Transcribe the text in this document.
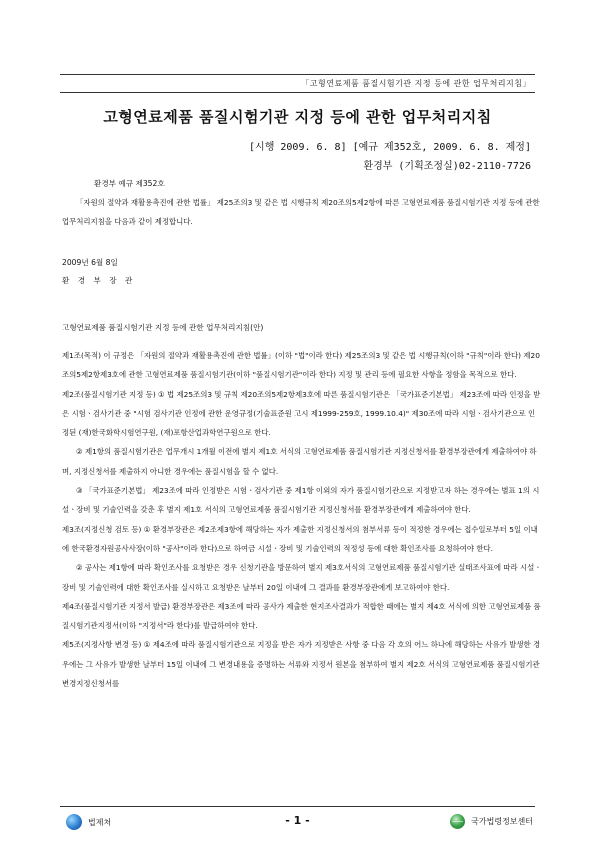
「고형연료제품 품질시험기관 지정 등에 관한 업무처리지침」
고형연료제품 품질시험기관 지정 등에 관한 업무처리지침
[시행 2009. 6. 8] [예규 제352호, 2009. 6. 8. 제정]
환경부 (기획조정실)02-2110-7726
환경부 예규 제352호
「자원의 절약과 재활용촉진에 관한 법률」 제25조의3 및 같은 법 시행규칙 제20조의5제2항에 따른 고형연료제품 품질시험기관 지정 등에 관한 업무처리지침을 다음과 같이 제정합니다.
2009년 6월 8일
환 경 부 장 관
고형연료제품 품질시험기관 지정 등에 관한 업무처리지침(안)

제1조(목적) 이 규정은 「자원의 절약과 재활용촉진에 관한 법률」(이하 "법"이라 한다) 제25조의3 및 같은 법 시행규칙(이하 "규칙"이라 한다) 제20조의5제2항제3호에 관한 고형연료제품 품질시험기관(이하 "품질시험기관"이라 한다) 지정 및 관리 등에 필요한 사항을 정함을 목적으로 한다.

제2조(품질시험기관 지정 등) ① 법 제25조의3 및 규칙 제20조의5제2항제3호에 따른 품질시험기관은 「국가표준기본법」 제23조에 따라 인정을 받은 시험ㆍ검사기관 중 "시험 검사기관 인정에 관한 운영규정(기술표준원 고시 제1999-259호, 1999.10.4)" 제30조에 따라 시험ㆍ검사기관으로 인정된 (재)한국화학시험연구원, (재)포항산업과학연구원으로 한다.

② 제1항의 품질시험기관은 업무개시 1개월 이전에 별지 제1호 서식의 고형연료제품 품질시험기관 지정신청서를 환경부장관에게 제출하여야 하며, 지정신청서를 제출하지 아니한 경우에는 품질시험을 할 수 없다.

③ 「국가표준기본법」 제23조에 따라 인정받은 시험ㆍ검사기관 중 제1항 이외의 자가 품질시험기관으로 지정받고자 하는 경우에는 별표 1의 시설ㆍ장비 및 기술인력을 갖춘 후 별지 제1호 서식의 고형연료제품 품질시험기관 지정신청서를 환경부장관에게 제출하여야 한다.

제3조(지정신청 검토 등) ① 환경부장관은 제2조제3항에 해당하는 자가 제출한 지정신청서의 첨부서류 등이 적정한 경우에는 접수일로부터 5일 이내에 한국환경자원공사사장(이하 "공사"이라 한다)으로 하여금 시설ㆍ장비 및 기술인력의 적정성 등에 대한 확인조사를 요청하여야 한다.

② 공사는 제1항에 따라 확인조사를 요청받은 경우 신청기관을 방문하여 별지 제3호서식의 고형연료제품 품질시험기관 실태조사표에 따라 시설ㆍ장비 및 기술인력에 대한 확인조사를 실시하고 요청받은 날부터 20일 이내에 그 결과를 환경부장관에게 보고하여야 한다.

제4조(품질시험기관 지정서 발급) 환경부장관은 제3조에 따라 공사가 제출한 현지조사결과가 적합한 때에는 별지 제4호 서식에 의한 고형연료제품 품질시험기관지정서(이하 "지정서"라 한다)를 발급하여야 한다.

제5조(지정사항 변경 등) ① 제4조에 따라 품질시험기관으로 지정을 받은 자가 지정받은 사항 중 다음 각 호의 어느 하나에 해당하는 사유가 발생한 경우에는 그 사유가 발생한 날부터 15일 이내에 그 변경내용을 증명하는 서류와 지정서 원본을 첨부하여 별지 제2호 서식의 고형연료제품 품질시험기관 변경지정신청서를

법제처	- 1 -	국가법령정보센터
